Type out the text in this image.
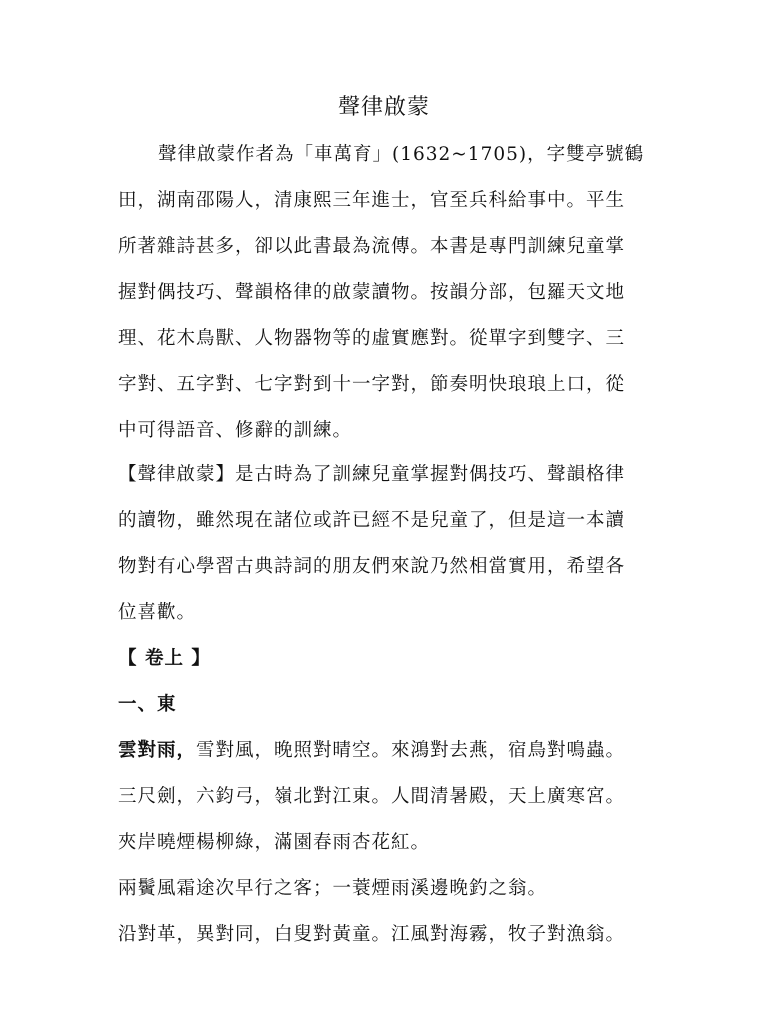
聲律啟蒙
聲律啟蒙作者為「車萬育」(1632~1705)，字雙亭號鶴
田，湖南邵陽人，清康熙三年進士，官至兵科給事中。平生
所著雜詩甚多，卻以此書最為流傳。本書是專門訓練兒童掌
握對偶技巧、聲韻格律的啟蒙讀物。按韻分部，包羅天文地
理、花木鳥獸、人物器物等的虛實應對。從單字到雙字、三
字對、五字對、七字對到十一字對，節奏明快琅琅上口，從
中可得語音、修辭的訓練。
【聲律啟蒙】是古時為了訓練兒童掌握對偶技巧、聲韻格律
的讀物，雖然現在諸位或許已經不是兒童了，但是這一本讀
物對有心學習古典詩詞的朋友們來說乃然相當實用，希望各
位喜歡。
【 卷上 】
一、東
雲對雨，雪對風，晚照對晴空。來鴻對去燕，宿鳥對鳴蟲。
三尺劍，六鈞弓，嶺北對江東。人間清暑殿，天上廣寒宮。
夾岸曉煙楊柳綠，滿園春雨杏花紅。
兩鬢風霜途次早行之客；一蓑煙雨溪邊晚釣之翁。
沿對革，異對同，白叟對黃童。江風對海霧，牧子對漁翁。
